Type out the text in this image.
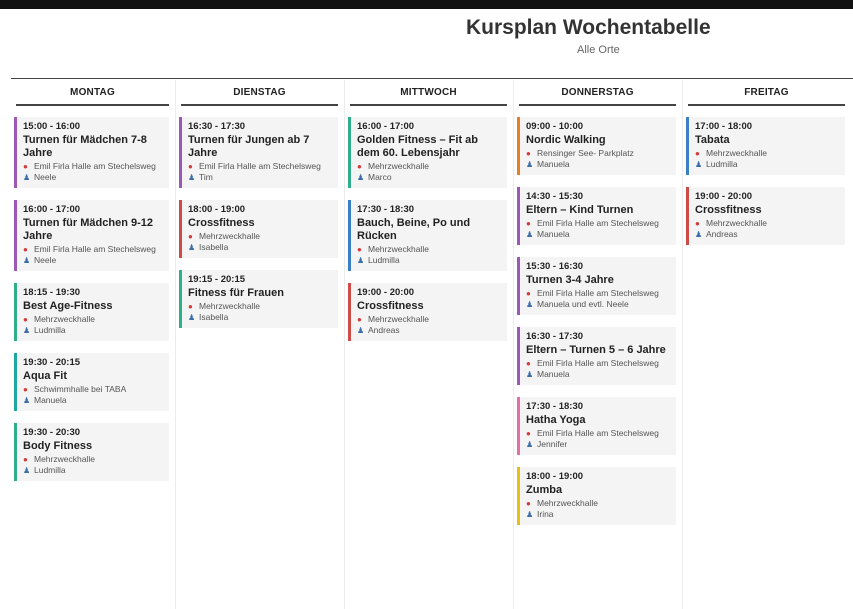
Kursplan Wochentabelle
Alle Orte
MONTAG
15:00 - 16:00
Turnen für Mädchen 7-8 Jahre
● Emil Firla Halle am Stechelsweg
♟ Neele
16:00 - 17:00
Turnen für Mädchen 9-12 Jahre
● Emil Firla Halle am Stechelsweg
♟ Neele
18:15 - 19:30
Best Age-Fitness
● Mehrzweckhalle
♟ Ludmilla
19:30 - 20:15
Aqua Fit
● Schwimmhalle bei TABA
♟ Manuela
19:30 - 20:30
Body Fitness
● Mehrzweckhalle
♟ Ludmilla
DIENSTAG
16:30 - 17:30
Turnen für Jungen ab 7 Jahre
● Emil Firla Halle am Stechelsweg
♟ Tim
18:00 - 19:00
Crossfitness
● Mehrzweckhalle
♟ Isabella
19:15 - 20:15
Fitness für Frauen
● Mehrzweckhalle
♟ Isabella
MITTWOCH
16:00 - 17:00
Golden Fitness – Fit ab dem 60. Lebensjahr
● Mehrzweckhalle
♟ Marco
17:30 - 18:30
Bauch, Beine, Po und Rücken
● Mehrzweckhalle
♟ Ludmilla
19:00 - 20:00
Crossfitness
● Mehrzweckhalle
♟ Andreas
DONNERSTAG
09:00 - 10:00
Nordic Walking
● Rensinger See- Parkplatz
♟ Manuela
14:30 - 15:30
Eltern – Kind Turnen
● Emil Firla Halle am Stechelsweg
♟ Manuela
15:30 - 16:30
Turnen 3-4 Jahre
● Emil Firla Halle am Stechelsweg
♟ Manuela und evtl. Neele
16:30 - 17:30
Eltern – Turnen 5 – 6 Jahre
● Emil Firla Halle am Stechelsweg
♟ Manuela
17:30 - 18:30
Hatha Yoga
● Emil Firla Halle am Stechelsweg
♟ Jennifer
18:00 - 19:00
Zumba
● Mehrzweckhalle
♟ Irina
FREITAG
17:00 - 18:00
Tabata
● Mehrzweckhalle
♟ Ludmilla
19:00 - 20:00
Crossfitness
● Mehrzweckhalle
♟ Andreas
